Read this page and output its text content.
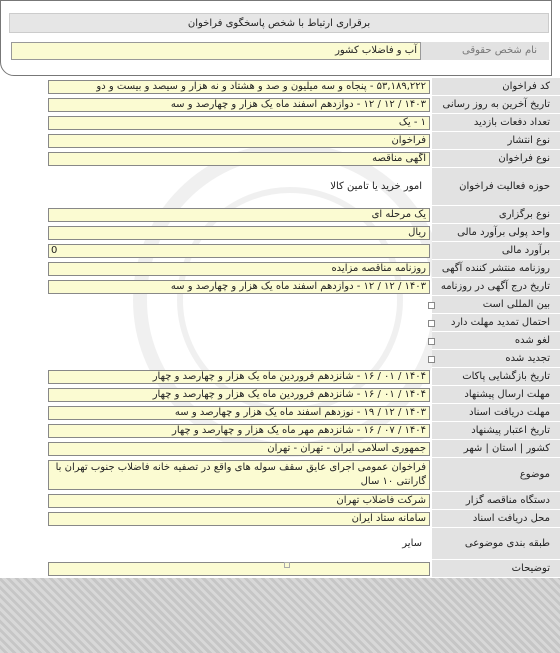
برقراری ارتباط با شخص پاسخگوی فراخوان
نام شخص حقوقی
آب و فاضلاب کشور
کد فراخوان
۵۳,۱۸۹,۲۲۲ - پنجاه و سه میلیون و صد و هشتاد و نه هزار و سیصد و بیست و دو
تاریخ آخرین به روز رسانی
۱۴۰۳ / ۱۲ / ۱۲ - دوازدهم اسفند ماه یک هزار و چهارصد و سه
تعداد دفعات بازدید
۱ - یک
نوع انتشار
فراخوان
نوع فراخوان
آگهی مناقصه
حوزه فعالیت فراخوان
امور خرید یا تامین کالا
نوع برگزاری
یک مرحله ای
واحد پولی برآورد مالی
ریال
برآورد مالی
0
روزنامه منتشر کننده آگهی
روزنامه مناقصه مزایده
تاریخ درج آگهی در روزنامه
۱۴۰۳ / ۱۲ / ۱۲ - دوازدهم اسفند ماه یک هزار و چهارصد و سه
بین المللی است
احتمال تمدید مهلت دارد
لغو شده
تجدید شده
تاریخ بازگشایی پاکات
۱۴۰۴ / ۰۱ / ۱۶ - شانزدهم فروردین ماه یک هزار و چهارصد و چهار
مهلت ارسال پیشنهاد
۱۴۰۴ / ۰۱ / ۱۶ - شانزدهم فروردین ماه یک هزار و چهارصد و چهار
مهلت دریافت اسناد
۱۴۰۳ / ۱۲ / ۱۹ - نوزدهم اسفند ماه یک هزار و چهارصد و سه
تاریخ اعتبار پیشنهاد
۱۴۰۴ / ۰۷ / ۱۶ - شانزدهم مهر ماه یک هزار و چهارصد و چهار
کشور | استان | شهر
جمهوری اسلامی ایران - تهران - تهران
موضوع
فراخوان عمومی اجرای عایق سقف سوله های واقع در تصفیه خانه فاضلاب جنوب تهران با گارانتی ۱۰ سال
دستگاه مناقصه گزار
شرکت فاضلاب تهران
محل دریافت اسناد
سامانه ستاد ایران
طبقه بندی موضوعی
سایر
توضیحات
